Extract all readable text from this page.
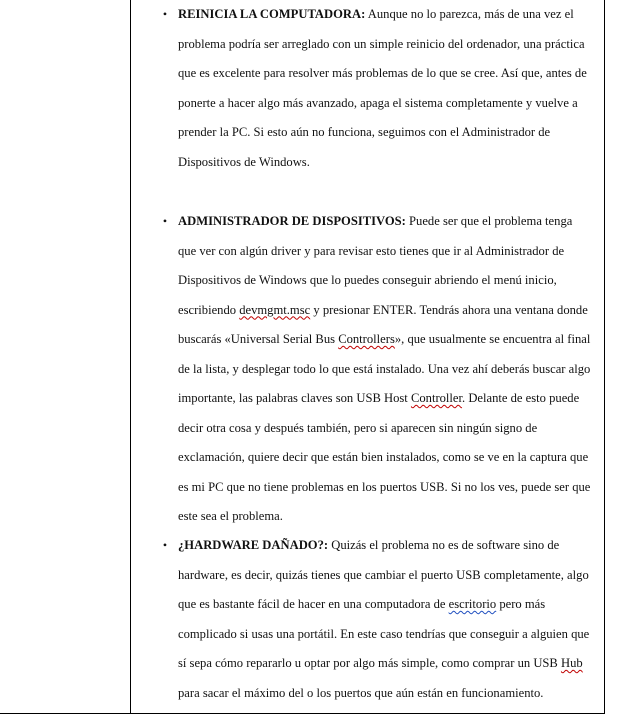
• REINICIA LA COMPUTADORA: Aunque no lo parezca, más de una vez el
problema podría ser arreglado con un simple reinicio del ordenador, una práctica
que es excelente para resolver más problemas de lo que se cree. Así que, antes de
ponerte a hacer algo más avanzado, apaga el sistema completamente y vuelve a
prender la PC. Si esto aún no funciona, seguimos con el Administrador de
Dispositivos de Windows.
• ADMINISTRADOR DE DISPOSITIVOS: Puede ser que el problema tenga
que ver con algún driver y para revisar esto tienes que ir al Administrador de
Dispositivos de Windows que lo puedes conseguir abriendo el menú inicio,
escribiendo devmgmt.msc y presionar ENTER. Tendrás ahora una ventana donde
buscarás «Universal Serial Bus Controllers», que usualmente se encuentra al final
de la lista, y desplegar todo lo que está instalado. Una vez ahí deberás buscar algo
importante, las palabras claves son USB Host Controller. Delante de esto puede
decir otra cosa y después también, pero si aparecen sin ningún signo de
exclamación, quiere decir que están bien instalados, como se ve en la captura que
es mi PC que no tiene problemas en los puertos USB. Si no los ves, puede ser que
este sea el problema.
• ¿HARDWARE DAÑADO?: Quizás el problema no es de software sino de
hardware, es decir, quizás tienes que cambiar el puerto USB completamente, algo
que es bastante fácil de hacer en una computadora de escritorio pero más
complicado si usas una portátil. En este caso tendrías que conseguir a alguien que
sí sepa cómo repararlo u optar por algo más simple, como comprar un USB Hub
para sacar el máximo del o los puertos que aún están en funcionamiento.
